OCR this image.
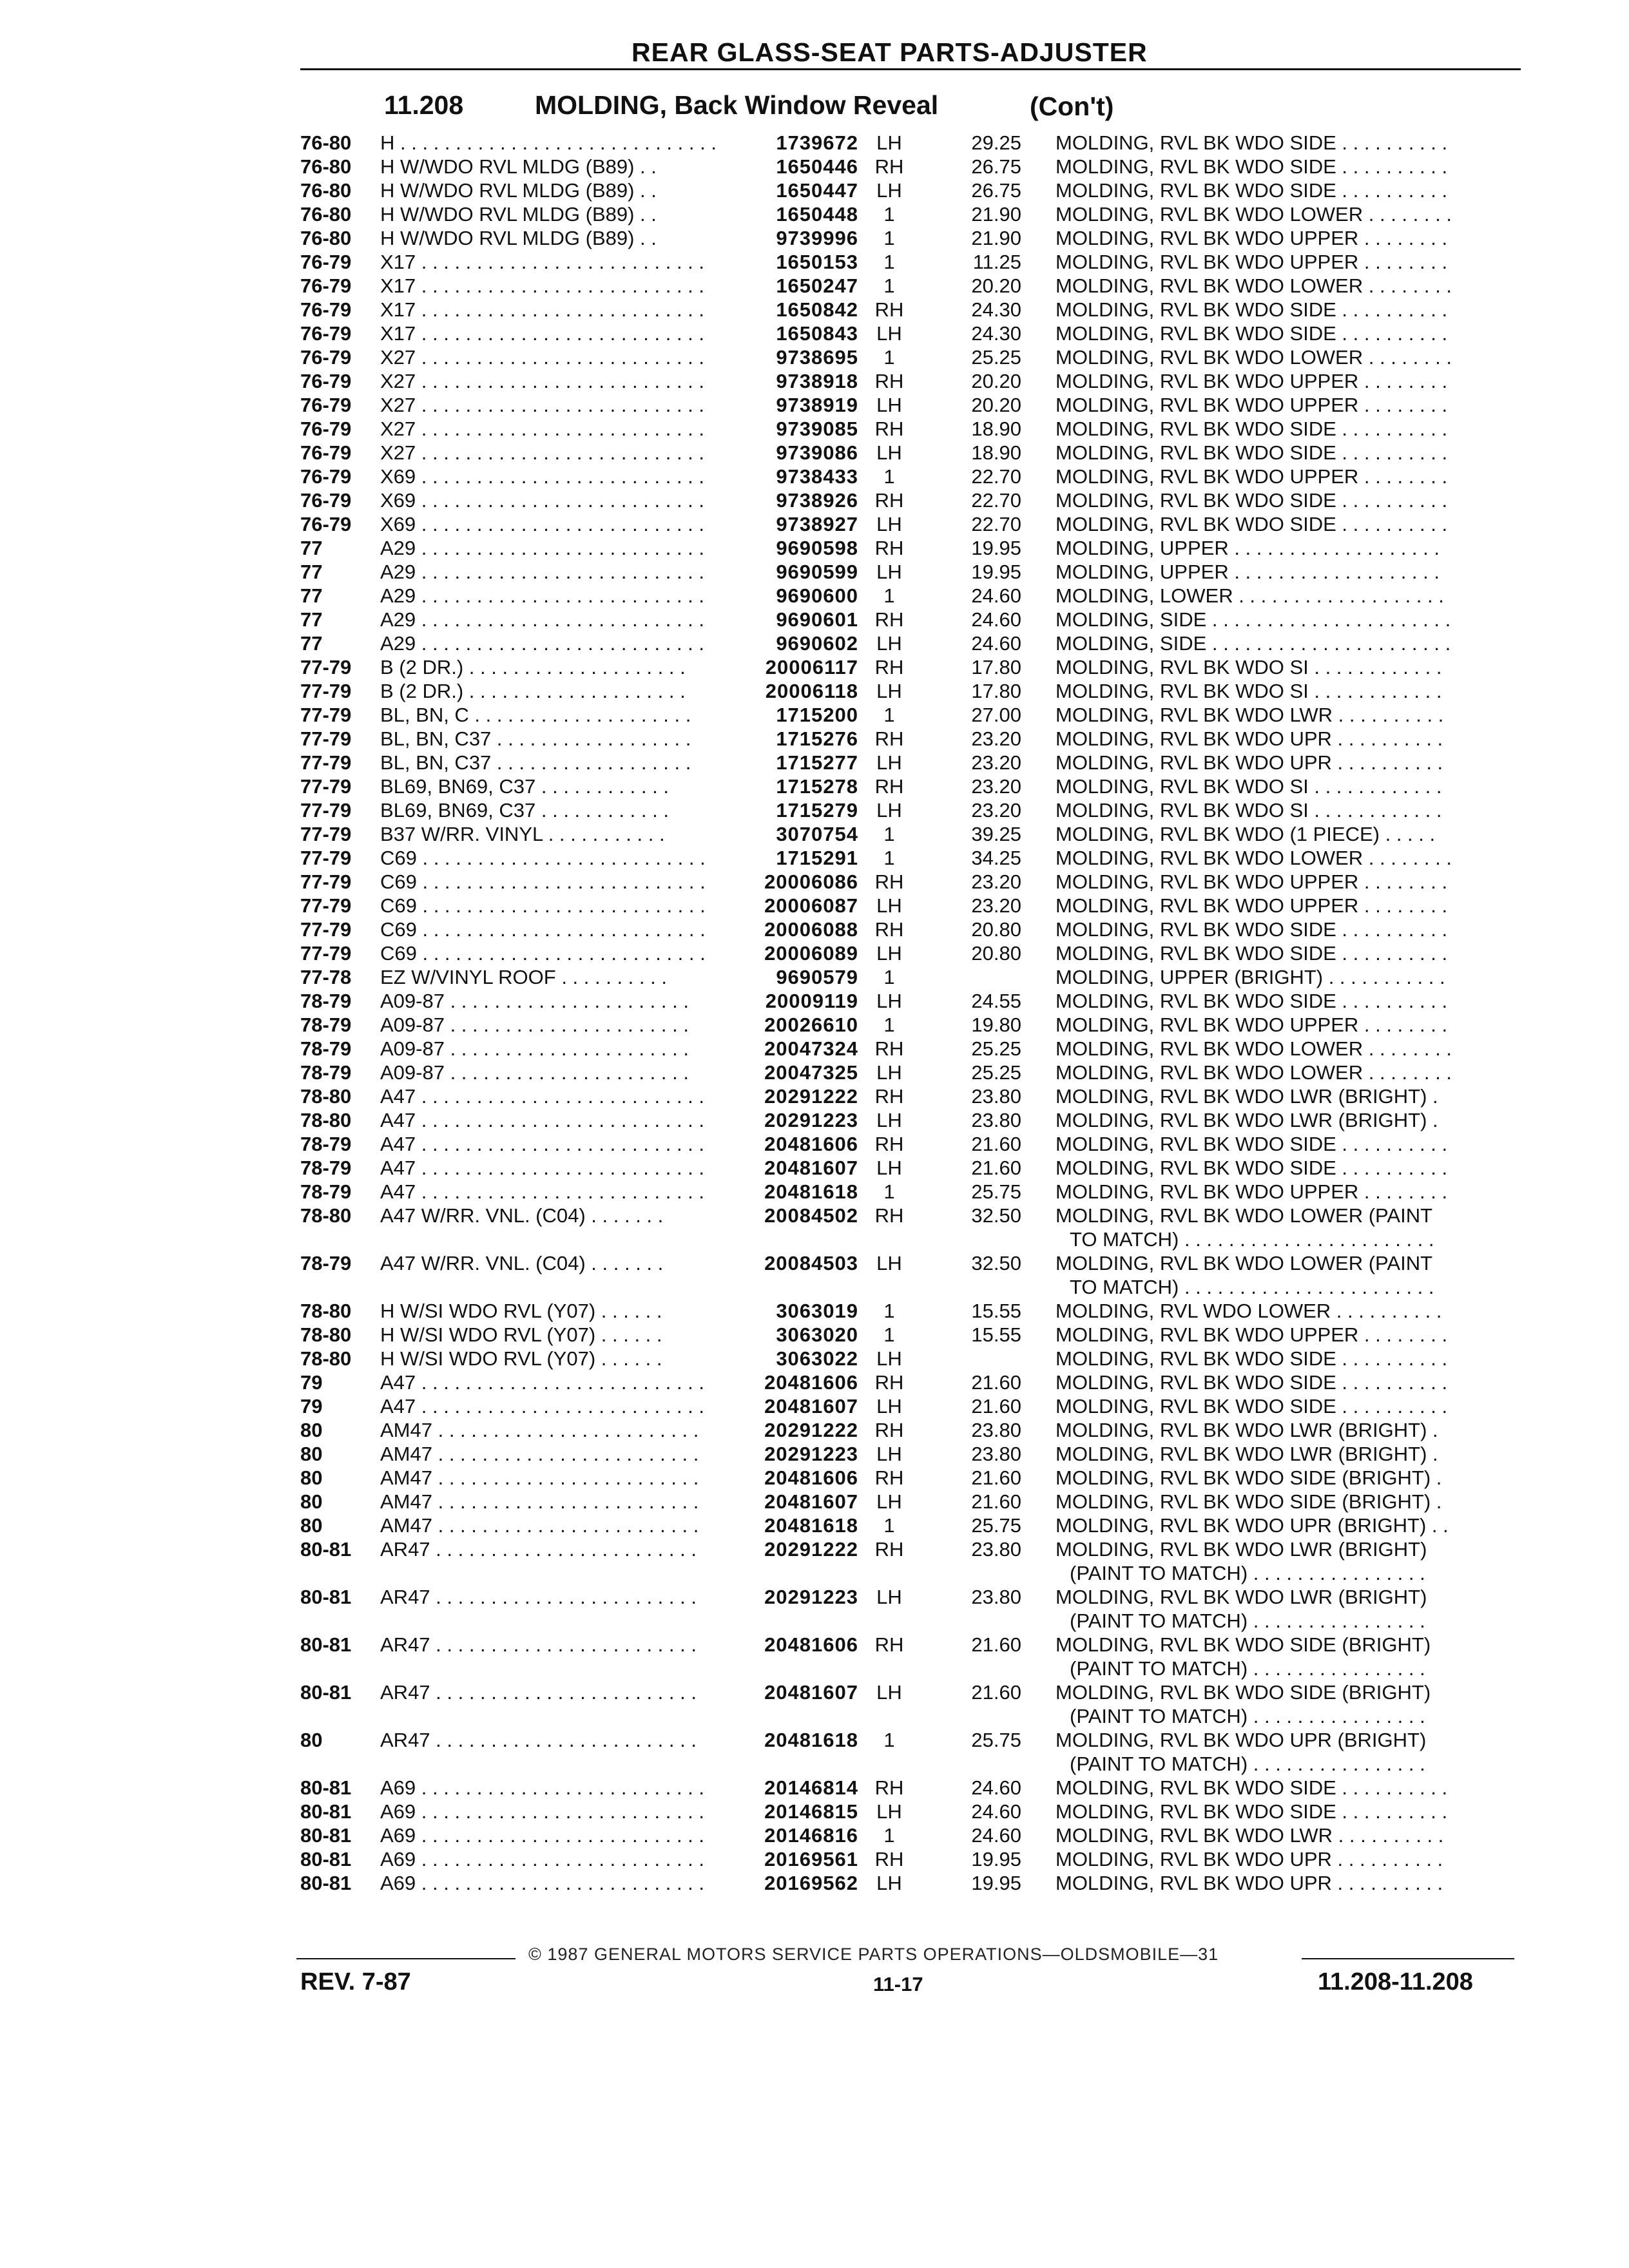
REAR GLASS-SEAT PARTS-ADJUSTER
11.208	MOLDING, Back Window Reveal	(Con't)
76-80 H . . . . . . . . . . . . . . . . . . . . . . . . . . . . .	1739672 LH	29.25 MOLDING, RVL BK WDO SIDE . . . . . . . . . .
76-80 H W/WDO RVL MLDG (B89) . .	1650446 RH	26.75 MOLDING, RVL BK WDO SIDE . . . . . . . . . .
76-80 H W/WDO RVL MLDG (B89) . .	1650447 LH	26.75 MOLDING, RVL BK WDO SIDE . . . . . . . . . .
76-80 H W/WDO RVL MLDG (B89) . .	1650448	1	21.90 MOLDING, RVL BK WDO LOWER . . . . . . . .
76-80 H W/WDO RVL MLDG (B89) . .	9739996	1	21.90 MOLDING, RVL BK WDO UPPER . . . . . . . .
76-79 X17 . . . . . . . . . . . . . . . . . . . . . . . . . .	1650153	1	11.25 MOLDING, RVL BK WDO UPPER . . . . . . . .
76-79 X17 . . . . . . . . . . . . . . . . . . . . . . . . . .	1650247	1	20.20 MOLDING, RVL BK WDO LOWER . . . . . . . .
76-79 X17 . . . . . . . . . . . . . . . . . . . . . . . . . .	1650842 RH	24.30 MOLDING, RVL BK WDO SIDE . . . . . . . . . .
76-79 X17 . . . . . . . . . . . . . . . . . . . . . . . . . .	1650843 LH	24.30 MOLDING, RVL BK WDO SIDE . . . . . . . . . .
76-79 X27 . . . . . . . . . . . . . . . . . . . . . . . . . .	9738695	1	25.25 MOLDING, RVL BK WDO LOWER . . . . . . . .
76-79 X27 . . . . . . . . . . . . . . . . . . . . . . . . . .	9738918 RH	20.20 MOLDING, RVL BK WDO UPPER . . . . . . . .
76-79 X27 . . . . . . . . . . . . . . . . . . . . . . . . . .	9738919 LH	20.20 MOLDING, RVL BK WDO UPPER . . . . . . . .
76-79 X27 . . . . . . . . . . . . . . . . . . . . . . . . . .	9739085 RH	18.90 MOLDING, RVL BK WDO SIDE . . . . . . . . . .
76-79 X27 . . . . . . . . . . . . . . . . . . . . . . . . . .	9739086 LH	18.90 MOLDING, RVL BK WDO SIDE . . . . . . . . . .
76-79 X69 . . . . . . . . . . . . . . . . . . . . . . . . . .	9738433	1	22.70 MOLDING, RVL BK WDO UPPER . . . . . . . .
76-79 X69 . . . . . . . . . . . . . . . . . . . . . . . . . .	9738926 RH	22.70 MOLDING, RVL BK WDO SIDE . . . . . . . . . .
76-79 X69 . . . . . . . . . . . . . . . . . . . . . . . . . .	9738927 LH	22.70 MOLDING, RVL BK WDO SIDE . . . . . . . . . .
77	A29 . . . . . . . . . . . . . . . . . . . . . . . . . .	9690598 RH	19.95 MOLDING, UPPER . . . . . . . . . . . . . . . . . . .
77	A29 . . . . . . . . . . . . . . . . . . . . . . . . . .	9690599 LH	19.95 MOLDING, UPPER . . . . . . . . . . . . . . . . . . .
77	A29 . . . . . . . . . . . . . . . . . . . . . . . . . .	9690600	1	24.60 MOLDING, LOWER . . . . . . . . . . . . . . . . . . .
77	A29 . . . . . . . . . . . . . . . . . . . . . . . . . .	9690601 RH	24.60 MOLDING, SIDE . . . . . . . . . . . . . . . . . . . . . .
77	A29 . . . . . . . . . . . . . . . . . . . . . . . . . .	9690602 LH	24.60 MOLDING, SIDE . . . . . . . . . . . . . . . . . . . . . .
77-79 B (2 DR.) . . . . . . . . . . . . . . . . . . . .	20006117 RH	17.80 MOLDING, RVL BK WDO SI . . . . . . . . . . . .
77-79 B (2 DR.) . . . . . . . . . . . . . . . . . . . .	20006118 LH	17.80 MOLDING, RVL BK WDO SI . . . . . . . . . . . .
77-79 BL, BN, C . . . . . . . . . . . . . . . . . . . .	1715200	1	27.00 MOLDING, RVL BK WDO LWR . . . . . . . . . .
77-79 BL, BN, C37 . . . . . . . . . . . . . . . . . .	1715276 RH	23.20 MOLDING, RVL BK WDO UPR . . . . . . . . . .
77-79 BL, BN, C37 . . . . . . . . . . . . . . . . . .	1715277 LH	23.20 MOLDING, RVL BK WDO UPR . . . . . . . . . .
77-79 BL69, BN69, C37 . . . . . . . . . . . .	1715278 RH	23.20 MOLDING, RVL BK WDO SI . . . . . . . . . . . .
77-79 BL69, BN69, C37 . . . . . . . . . . . .	1715279 LH	23.20 MOLDING, RVL BK WDO SI . . . . . . . . . . . .
77-79 B37 W/RR. VINYL . . . . . . . . . . .	3070754	1	39.25 MOLDING, RVL BK WDO (1 PIECE) . . . . .
77-79 C69 . . . . . . . . . . . . . . . . . . . . . . . . . .	1715291	1	34.25 MOLDING, RVL BK WDO LOWER . . . . . . . .
77-79 C69 . . . . . . . . . . . . . . . . . . . . . . . . . .	20006086 RH	23.20 MOLDING, RVL BK WDO UPPER . . . . . . . .
77-79 C69 . . . . . . . . . . . . . . . . . . . . . . . . . .	20006087 LH	23.20 MOLDING, RVL BK WDO UPPER . . . . . . . .
77-79 C69 . . . . . . . . . . . . . . . . . . . . . . . . . .	20006088 RH	20.80 MOLDING, RVL BK WDO SIDE . . . . . . . . . .
77-79 C69 . . . . . . . . . . . . . . . . . . . . . . . . . .	20006089 LH	20.80 MOLDING, RVL BK WDO SIDE . . . . . . . . . .
77-78 EZ W/VINYL ROOF . . . . . . . . . .	9690579	1	MOLDING, UPPER (BRIGHT) . . . . . . . . . . .
78-79 A09-87 . . . . . . . . . . . . . . . . . . . . . .	20009119 LH	24.55 MOLDING, RVL BK WDO SIDE . . . . . . . . . .
78-79 A09-87 . . . . . . . . . . . . . . . . . . . . . .	20026610	1	19.80 MOLDING, RVL BK WDO UPPER . . . . . . . .
78-79 A09-87 . . . . . . . . . . . . . . . . . . . . . .	20047324 RH	25.25 MOLDING, RVL BK WDO LOWER . . . . . . . .
78-79 A09-87 . . . . . . . . . . . . . . . . . . . . . .	20047325 LH	25.25 MOLDING, RVL BK WDO LOWER . . . . . . . .
78-80 A47 . . . . . . . . . . . . . . . . . . . . . . . . . .	20291222 RH	23.80 MOLDING, RVL BK WDO LWR (BRIGHT) .
78-80 A47 . . . . . . . . . . . . . . . . . . . . . . . . . .	20291223 LH	23.80 MOLDING, RVL BK WDO LWR (BRIGHT) .
78-79 A47 . . . . . . . . . . . . . . . . . . . . . . . . . .	20481606 RH	21.60 MOLDING, RVL BK WDO SIDE . . . . . . . . . .
78-79 A47 . . . . . . . . . . . . . . . . . . . . . . . . . .	20481607 LH	21.60 MOLDING, RVL BK WDO SIDE . . . . . . . . . .
78-79 A47 . . . . . . . . . . . . . . . . . . . . . . . . . .	20481618	1	25.75 MOLDING, RVL BK WDO UPPER . . . . . . . .
78-80 A47 W/RR. VNL. (C04) . . . . . . .	20084502 RH	32.50 MOLDING, RVL BK WDO LOWER (PAINT
TO MATCH) . . . . . . . . . . . . . . . . . . . . . . .
78-79 A47 W/RR. VNL. (C04) . . . . . . .	20084503 LH	32.50 MOLDING, RVL BK WDO LOWER (PAINT
TO MATCH) . . . . . . . . . . . . . . . . . . . . . . .
78-80 H W/SI WDO RVL (Y07) . . . . . .	3063019	1	15.55 MOLDING, RVL WDO LOWER . . . . . . . . . .
78-80 H W/SI WDO RVL (Y07) . . . . . .	3063020	1	15.55 MOLDING, RVL BK WDO UPPER . . . . . . . .
78-80 H W/SI WDO RVL (Y07) . . . . . .	3063022 LH	MOLDING, RVL BK WDO SIDE . . . . . . . . . .
79	A47 . . . . . . . . . . . . . . . . . . . . . . . . . .	20481606 RH	21.60 MOLDING, RVL BK WDO SIDE . . . . . . . . . .
79	A47 . . . . . . . . . . . . . . . . . . . . . . . . . .	20481607 LH	21.60 MOLDING, RVL BK WDO SIDE . . . . . . . . . .
80	AM47 . . . . . . . . . . . . . . . . . . . . . . . .	20291222 RH	23.80 MOLDING, RVL BK WDO LWR (BRIGHT) .
80	AM47 . . . . . . . . . . . . . . . . . . . . . . . .	20291223 LH	23.80 MOLDING, RVL BK WDO LWR (BRIGHT) .
80	AM47 . . . . . . . . . . . . . . . . . . . . . . . .	20481606 RH	21.60 MOLDING, RVL BK WDO SIDE (BRIGHT) .
80	AM47 . . . . . . . . . . . . . . . . . . . . . . . .	20481607 LH	21.60 MOLDING, RVL BK WDO SIDE (BRIGHT) .
80	AM47 . . . . . . . . . . . . . . . . . . . . . . . .	20481618	1	25.75 MOLDING, RVL BK WDO UPR (BRIGHT) . .
80-81 AR47 . . . . . . . . . . . . . . . . . . . . . . . .	20291222 RH	23.80 MOLDING, RVL BK WDO LWR (BRIGHT)
(PAINT TO MATCH) . . . . . . . . . . . . . . . .
80-81 AR47 . . . . . . . . . . . . . . . . . . . . . . . .	20291223 LH	23.80 MOLDING, RVL BK WDO LWR (BRIGHT)
(PAINT TO MATCH) . . . . . . . . . . . . . . . .
80-81 AR47 . . . . . . . . . . . . . . . . . . . . . . . .	20481606 RH	21.60 MOLDING, RVL BK WDO SIDE (BRIGHT)
(PAINT TO MATCH) . . . . . . . . . . . . . . . .
80-81 AR47 . . . . . . . . . . . . . . . . . . . . . . . .	20481607 LH	21.60 MOLDING, RVL BK WDO SIDE (BRIGHT)
(PAINT TO MATCH) . . . . . . . . . . . . . . . .
80	AR47 . . . . . . . . . . . . . . . . . . . . . . . .	20481618	1	25.75 MOLDING, RVL BK WDO UPR (BRIGHT)
(PAINT TO MATCH) . . . . . . . . . . . . . . . .
80-81 A69 . . . . . . . . . . . . . . . . . . . . . . . . . .	20146814 RH	24.60 MOLDING, RVL BK WDO SIDE . . . . . . . . . .
80-81 A69 . . . . . . . . . . . . . . . . . . . . . . . . . .	20146815 LH	24.60 MOLDING, RVL BK WDO SIDE . . . . . . . . . .
80-81 A69 . . . . . . . . . . . . . . . . . . . . . . . . . .	20146816	1	24.60 MOLDING, RVL BK WDO LWR . . . . . . . . . .
80-81 A69 . . . . . . . . . . . . . . . . . . . . . . . . . .	20169561 RH	19.95 MOLDING, RVL BK WDO UPR . . . . . . . . . .
80-81 A69 . . . . . . . . . . . . . . . . . . . . . . . . . .	20169562 LH	19.95 MOLDING, RVL BK WDO UPR . . . . . . . . . .
© 1987 GENERAL MOTORS SERVICE PARTS OPERATIONS—OLDSMOBILE—31
REV. 7-87	11-17	11.208-11.208
